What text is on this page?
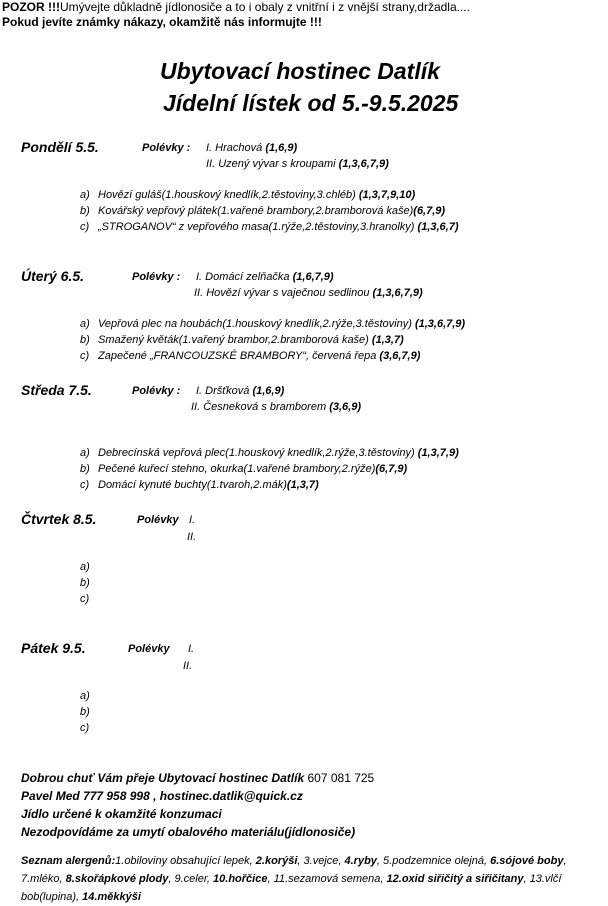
POZOR !!!Umývejte důkladně jídlonosiče a to i obaly z vnitřní i z vnější strany,držadla....
Pokud jevíte známky nákazy, okamžitě nás informujte !!!
Ubytovací hostinec Datlík
Jídelní lístek od 5.-9.5.2025
Pondělí 5.5.	Polévky : I. Hrachová (1,6,9)
II. Uzený vývar s kroupami (1,3,6,7,9)
a) Hovězí guláš(1.houskový knedlík,2.těstoviny,3.chléb) (1,3,7,9,10)
b) Kovářský vepřový plátek(1.vařené brambory,2.bramborová kaše)(6,7,9)
c) „STROGANOV“ z vepřového masa(1.rýže,2.těstoviny,3.hranolky) (1,3,6,7)
Úterý 6.5.	Polévky : I. Domácí zelňačka (1,6,7,9)
II. Hovězí vývar s vaječnou sedlinou (1,3,6,7,9)
a) Vepřová plec na houbách(1.houskový knedlík,2.rýže,3.těstoviny) (1,3,6,7,9)
b) Smažený květák(1.vařený brambor,2.bramborová kaše) (1,3,7)
c) Zapečené „FRANCOUZSKÉ BRAMBORY“, červená řepa (3,6,7,9)
Středa 7.5.	Polévky : I. Dršťková (1,6,9)
II. Česneková s bramborem (3,6,9)
a) Debrecínská vepřová plec(1.houskový knedlík,2.rýže,3.těstoviny) (1,3,7,9)
b) Pečené kuřecí stehno, okurka(1.vařené brambory,2.rýže)(6,7,9)
c) Domácí kynuté buchty(1.tvaroh,2.mák)(1,3,7)
Čtvrtek 8.5.	Polévky I.
II.
a)
b)
c)
Pátek 9.5.	Polévky I.
II.
a)
b)
c)
Dobrou chuť Vám přeje Ubytovací hostinec Datlík 607 081 725
Pavel Med 777 958 998 , hostinec.datlik@quick.cz
Jídlo určené k okamžité konzumaci
Nezodpovídáme za umytí obalového materiálu(jídlonosiče)
Seznam alergenů:1.obiloviny obsahující lepek, 2.korýši, 3.vejce, 4.ryby, 5.podzemnice olejná, 6.sójové boby, 7.mléko, 8.skořápkové plody, 9.celer, 10.hořčice, 11.sezamová semena, 12.oxid siřičitý a siřičitany, 13.vlčí bob(lupina), 14.měkkýši
